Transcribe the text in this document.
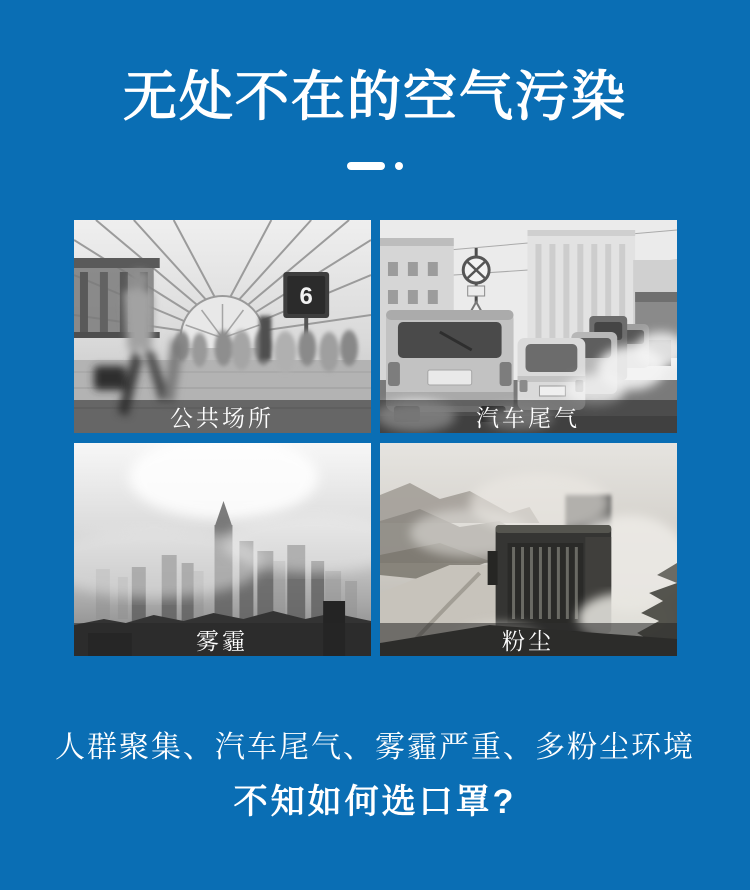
无处不在的空气污染
6
公共场所	汽车尾气
雾霾	粉尘

人群聚集、汽车尾气、雾霾严重、多粉尘环境

不知如何选口罩?
